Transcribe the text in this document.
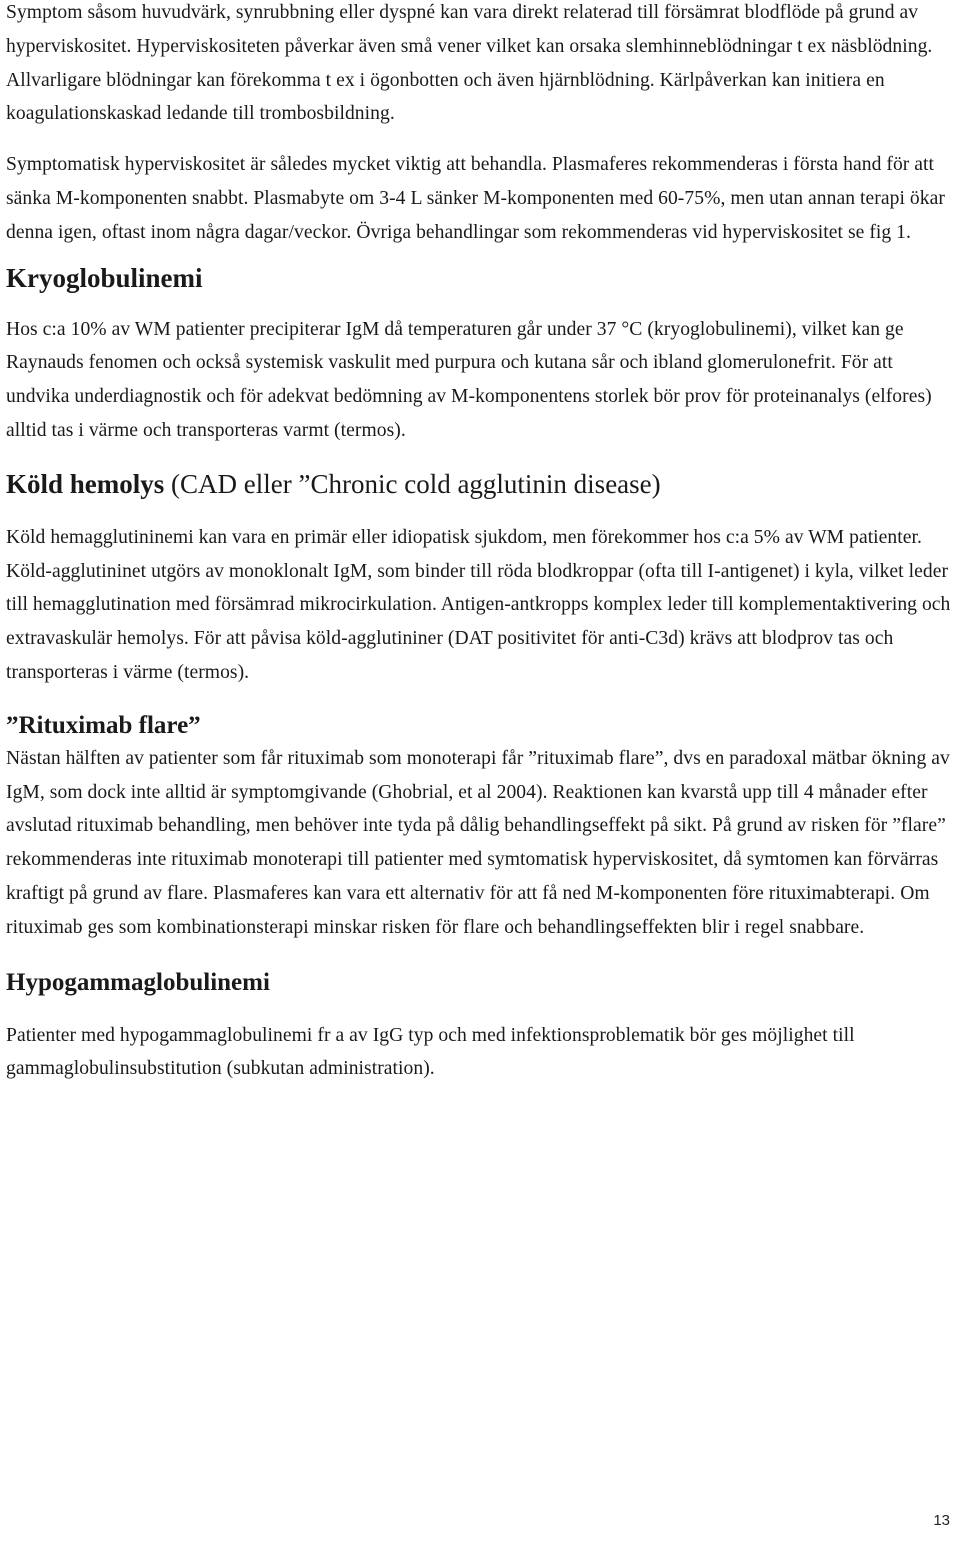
Symptom såsom huvudvärk, synrubbning eller dyspné kan vara direkt relaterad till försämrat blodflöde på grund av hyperviskositet. Hyperviskositeten påverkar även små vener vilket kan orsaka slemhinneblödningar t ex näsblödning. Allvarligare blödningar kan förekomma t ex i ögonbotten och även hjärnblödning. Kärlpåverkan kan initiera en koagulationskaskad ledande till trombosbildning.

Symptomatisk hyperviskositet är således mycket viktig att behandla. Plasmaferes rekommenderas i första hand för att sänka M-komponenten snabbt. Plasmabyte om 3-4 L sänker M-komponenten med 60-75%, men utan annan terapi ökar denna igen, oftast inom några dagar/veckor. Övriga behandlingar som rekommenderas vid hyperviskositet se fig 1.

Kryoglobulinemi

Hos c:a 10% av WM patienter precipiterar IgM då temperaturen går under 37 °C (kryoglobulinemi), vilket kan ge Raynauds fenomen och också systemisk vaskulit med purpura och kutana sår och ibland glomerulonefrit. För att undvika underdiagnostik och för adekvat bedömning av M-komponentens storlek bör prov för proteinanalys (elfores) alltid tas i värme och transporteras varmt (termos).

Köld hemolys (CAD eller ”Chronic cold agglutinin disease)

Köld hemagglutininemi kan vara en primär eller idiopatisk sjukdom, men förekommer hos c:a 5% av WM patienter. Köld-agglutininet utgörs av monoklonalt IgM, som binder till röda blodkroppar (ofta till I-antigenet) i kyla, vilket leder till hemagglutination med försämrad mikrocirkulation. Antigen-antkropps komplex leder till komplementaktivering och extravaskulär hemolys. För att påvisa köld-agglutininer (DAT positivitet för anti-C3d) krävs att blodprov tas och transporteras i värme (termos).

”Rituximab flare”

Nästan hälften av patienter som får rituximab som monoterapi får ”rituximab flare”, dvs en paradoxal mätbar ökning av IgM, som dock inte alltid är symptomgivande (Ghobrial, et al 2004). Reaktionen kan kvarstå upp till 4 månader efter avslutad rituximab behandling, men behöver inte tyda på dålig behandlingseffekt på sikt. På grund av risken för ”flare” rekommenderas inte rituximab monoterapi till patienter med symtomatisk hyperviskositet, då symtomen kan förvärras kraftigt på grund av flare. Plasmaferes kan vara ett alternativ för att få ned M-komponenten före rituximabterapi. Om rituximab ges som kombinationsterapi minskar risken för flare och behandlingseffekten blir i regel snabbare.

Hypogammaglobulinemi

Patienter med hypogammaglobulinemi fr a av IgG typ och med infektionsproblematik bör ges möjlighet till gammaglobulinsubstitution (subkutan administration).

13
